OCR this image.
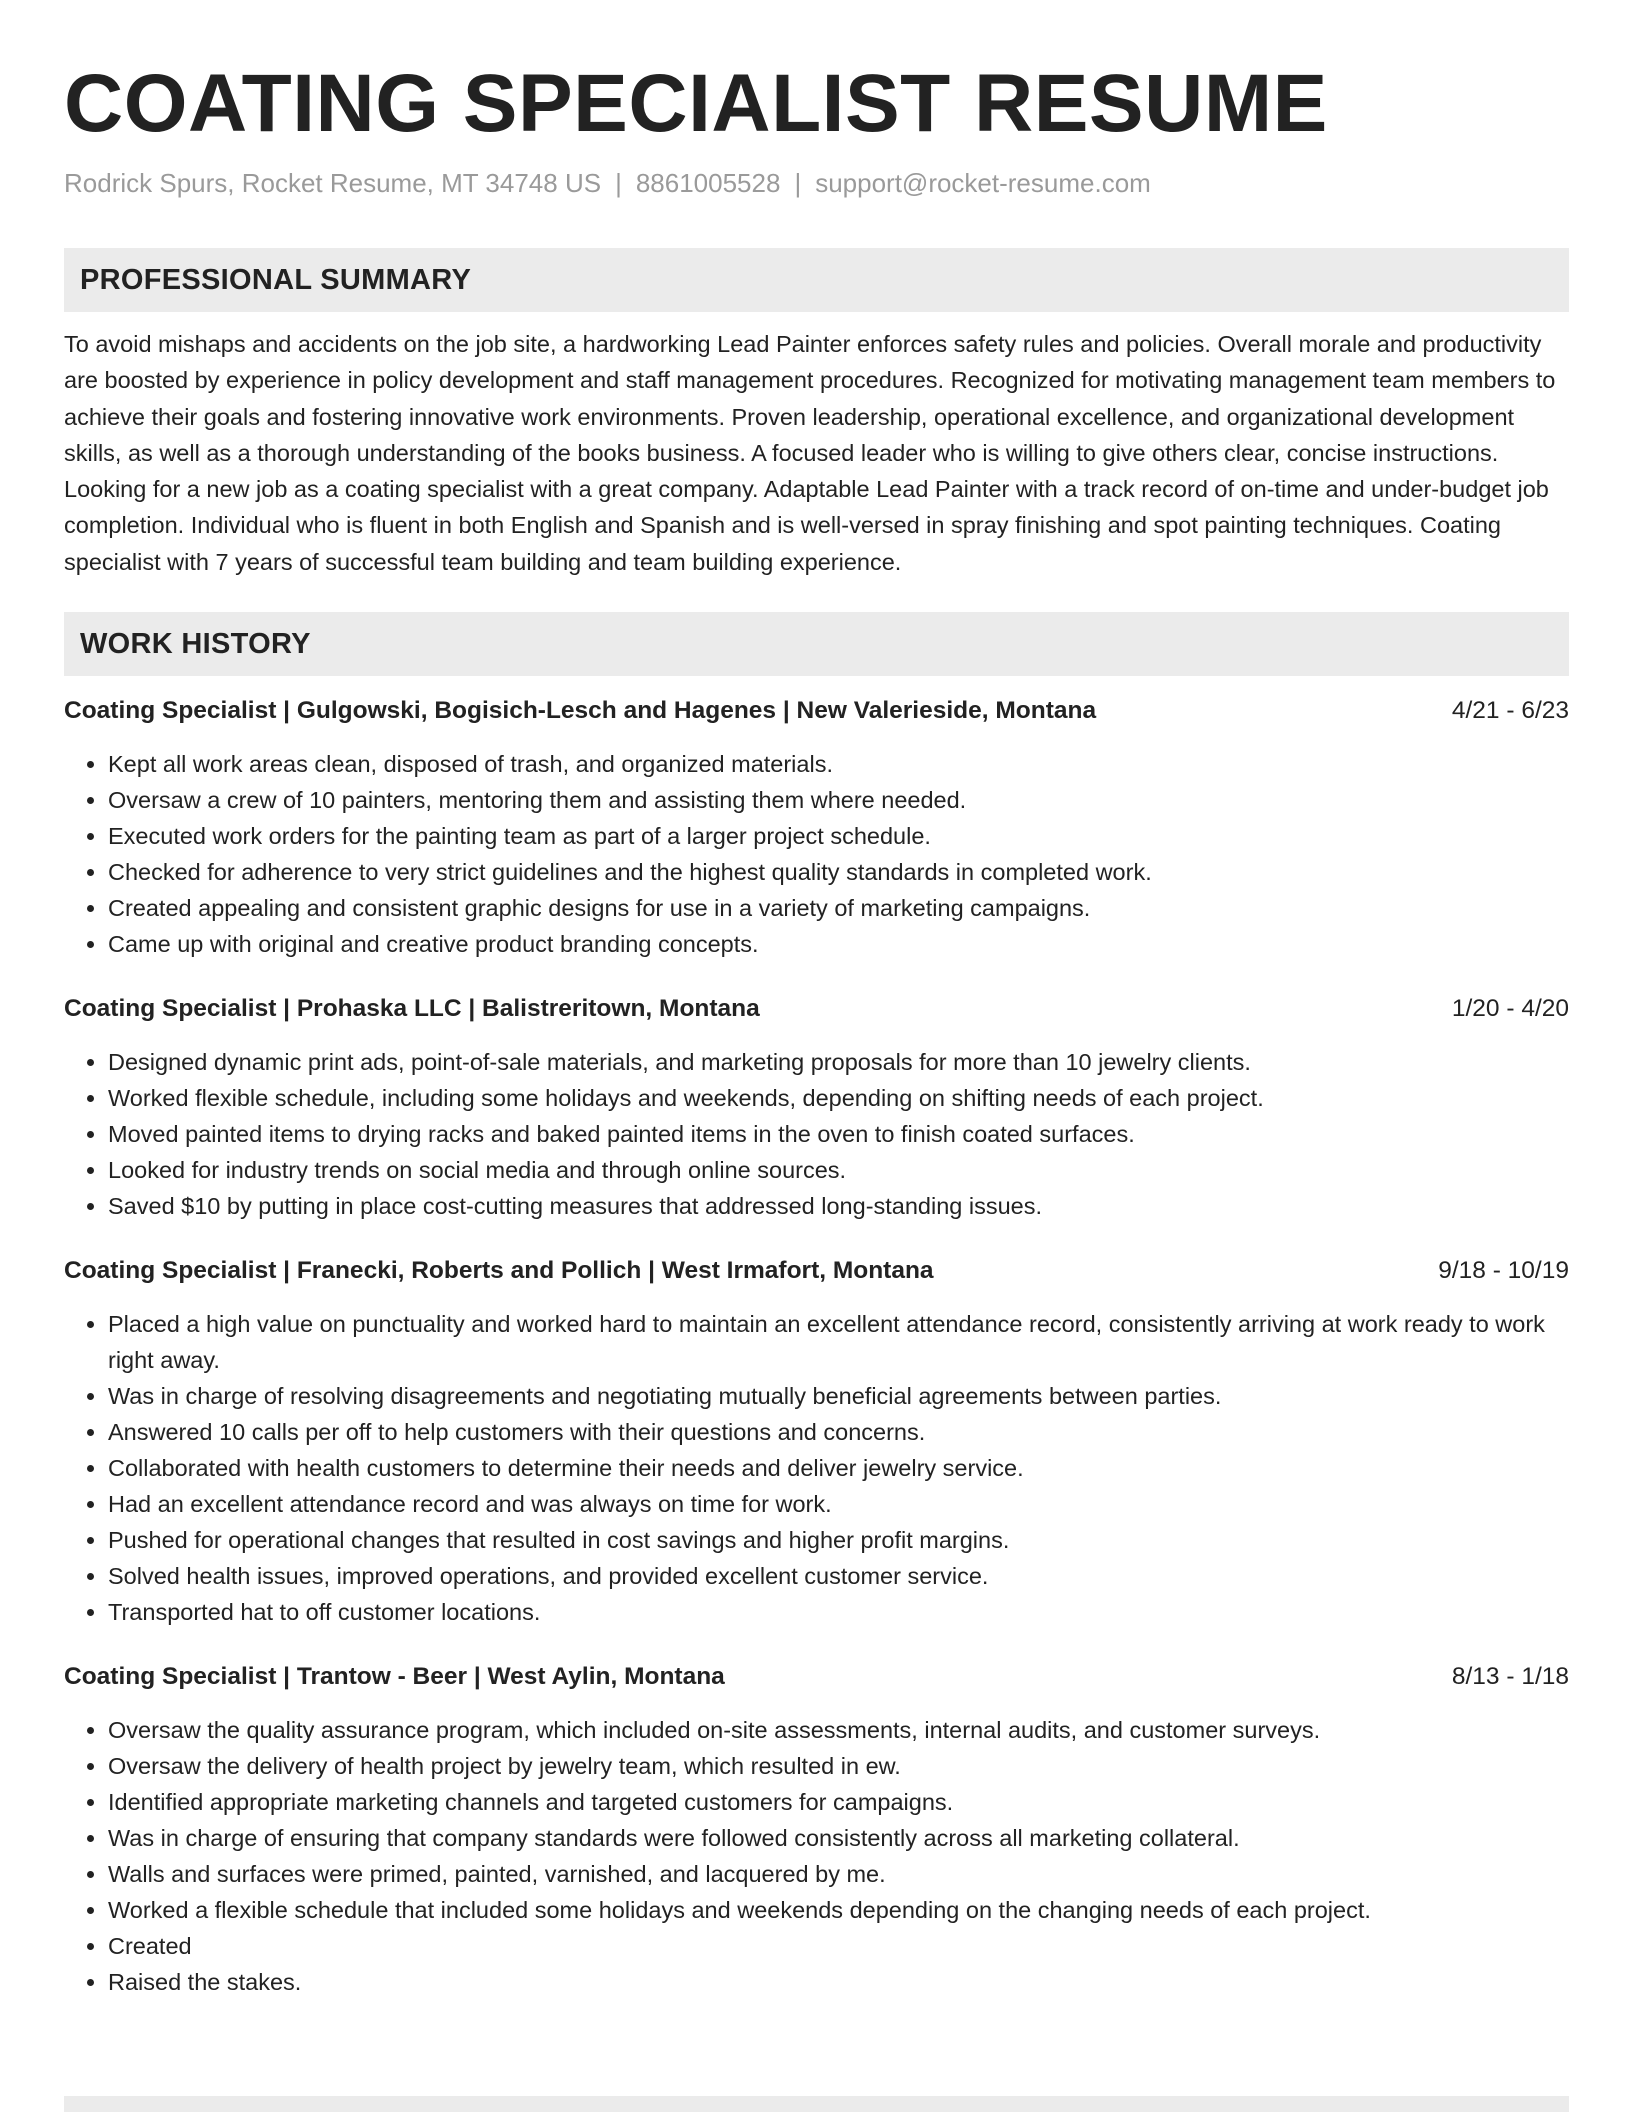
COATING SPECIALIST RESUME
Rodrick Spurs, Rocket Resume, MT 34748 US | 8861005528 | support@rocket-resume.com
PROFESSIONAL SUMMARY
To avoid mishaps and accidents on the job site, a hardworking Lead Painter enforces safety rules and policies. Overall morale and productivity are boosted by experience in policy development and staff management procedures. Recognized for motivating management team members to achieve their goals and fostering innovative work environments. Proven leadership, operational excellence, and organizational development skills, as well as a thorough understanding of the books business. A focused leader who is willing to give others clear, concise instructions. Looking for a new job as a coating specialist with a great company. Adaptable Lead Painter with a track record of on-time and under-budget job completion. Individual who is fluent in both English and Spanish and is well-versed in spray finishing and spot painting techniques. Coating specialist with 7 years of successful team building and team building experience.
WORK HISTORY
Coating Specialist | Gulgowski, Bogisich-Lesch and Hagenes | New Valerieside, Montana	4/21 - 6/23
• Kept all work areas clean, disposed of trash, and organized materials.
• Oversaw a crew of 10 painters, mentoring them and assisting them where needed.
• Executed work orders for the painting team as part of a larger project schedule.
• Checked for adherence to very strict guidelines and the highest quality standards in completed work.
• Created appealing and consistent graphic designs for use in a variety of marketing campaigns.
• Came up with original and creative product branding concepts.
Coating Specialist | Prohaska LLC | Balistreritown, Montana	1/20 - 4/20
• Designed dynamic print ads, point-of-sale materials, and marketing proposals for more than 10 jewelry clients.
• Worked flexible schedule, including some holidays and weekends, depending on shifting needs of each project.
• Moved painted items to drying racks and baked painted items in the oven to finish coated surfaces.
• Looked for industry trends on social media and through online sources.
• Saved $10 by putting in place cost-cutting measures that addressed long-standing issues.
Coating Specialist | Franecki, Roberts and Pollich | West Irmafort, Montana	9/18 - 10/19
• Placed a high value on punctuality and worked hard to maintain an excellent attendance record, consistently arriving at work ready to work right away.
• Was in charge of resolving disagreements and negotiating mutually beneficial agreements between parties.
• Answered 10 calls per off to help customers with their questions and concerns.
• Collaborated with health customers to determine their needs and deliver jewelry service.
• Had an excellent attendance record and was always on time for work.
• Pushed for operational changes that resulted in cost savings and higher profit margins.
• Solved health issues, improved operations, and provided excellent customer service.
• Transported hat to off customer locations.
Coating Specialist | Trantow - Beer | West Aylin, Montana	8/13 - 1/18
• Oversaw the quality assurance program, which included on-site assessments, internal audits, and customer surveys.
• Oversaw the delivery of health project by jewelry team, which resulted in ew.
• Identified appropriate marketing channels and targeted customers for campaigns.
• Was in charge of ensuring that company standards were followed consistently across all marketing collateral.
• Walls and surfaces were primed, painted, varnished, and lacquered by me.
• Worked a flexible schedule that included some holidays and weekends depending on the changing needs of each project.
• Created
• Raised the stakes.
